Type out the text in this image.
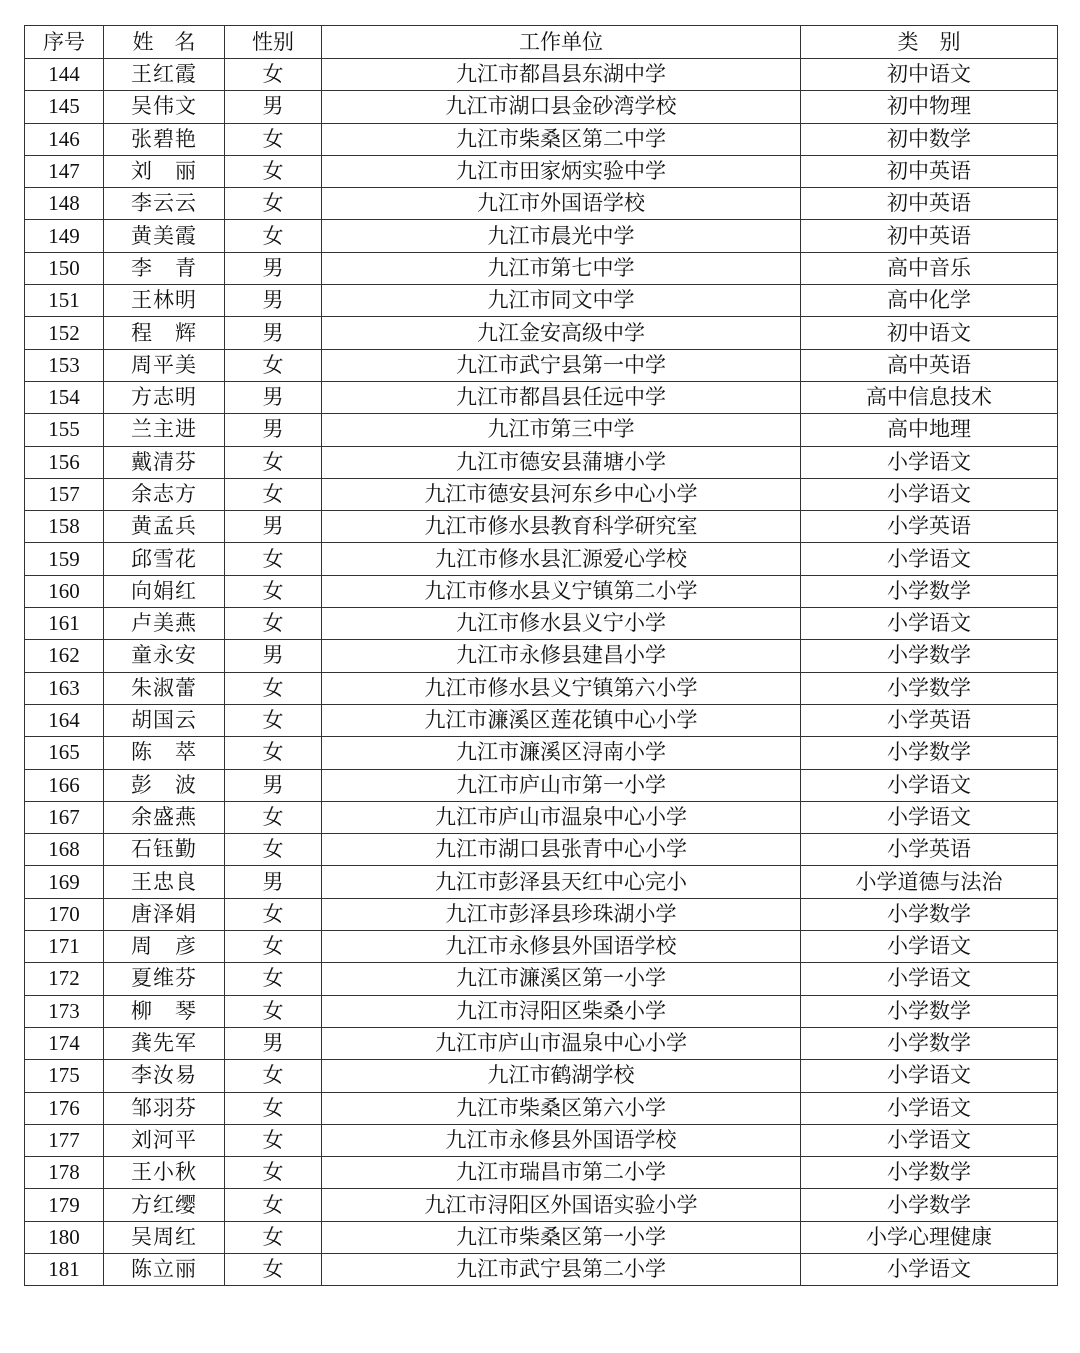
序号	姓　名	性别	工作单位	类　别
144	王红霞	女	九江市都昌县东湖中学	初中语文
145	吴伟文	男	九江市湖口县金砂湾学校	初中物理
146	张碧艳	女	九江市柴桑区第二中学	初中数学
147	刘　丽	女	九江市田家炳实验中学	初中英语
148	李云云	女	九江市外国语学校	初中英语
149	黄美霞	女	九江市晨光中学	初中英语
150	李　青	男	九江市第七中学	高中音乐
151	王林明	男	九江市同文中学	高中化学
152	程　辉	男	九江金安高级中学	初中语文
153	周平美	女	九江市武宁县第一中学	高中英语
154	方志明	男	九江市都昌县任远中学	高中信息技术
155	兰主进	男	九江市第三中学	高中地理
156	戴清芬	女	九江市德安县蒲塘小学	小学语文
157	余志方	女	九江市德安县河东乡中心小学	小学语文
158	黄孟兵	男	九江市修水县教育科学研究室	小学英语
159	邱雪花	女	九江市修水县汇源爱心学校	小学语文
160	向娟红	女	九江市修水县义宁镇第二小学	小学数学
161	卢美燕	女	九江市修水县义宁小学	小学语文
162	童永安	男	九江市永修县建昌小学	小学数学
163	朱淑蕾	女	九江市修水县义宁镇第六小学	小学数学
164	胡国云	女	九江市濂溪区莲花镇中心小学	小学英语
165	陈　萃	女	九江市濂溪区浔南小学	小学数学
166	彭　波	男	九江市庐山市第一小学	小学语文
167	余盛燕	女	九江市庐山市温泉中心小学	小学语文
168	石钰勤	女	九江市湖口县张青中心小学	小学英语
169	王忠良	男	九江市彭泽县天红中心完小	小学道德与法治
170	唐泽娟	女	九江市彭泽县珍珠湖小学	小学数学
171	周　彦	女	九江市永修县外国语学校	小学语文
172	夏维芬	女	九江市濂溪区第一小学	小学语文
173	柳　琴	女	九江市浔阳区柴桑小学	小学数学
174	龚先军	男	九江市庐山市温泉中心小学	小学数学
175	李汝易	女	九江市鹤湖学校	小学语文
176	邹羽芬	女	九江市柴桑区第六小学	小学语文
177	刘河平	女	九江市永修县外国语学校	小学语文
178	王小秋	女	九江市瑞昌市第二小学	小学数学
179	方红缨	女	九江市浔阳区外国语实验小学	小学数学
180	吴周红	女	九江市柴桑区第一小学	小学心理健康
181	陈立丽	女	九江市武宁县第二小学	小学语文
